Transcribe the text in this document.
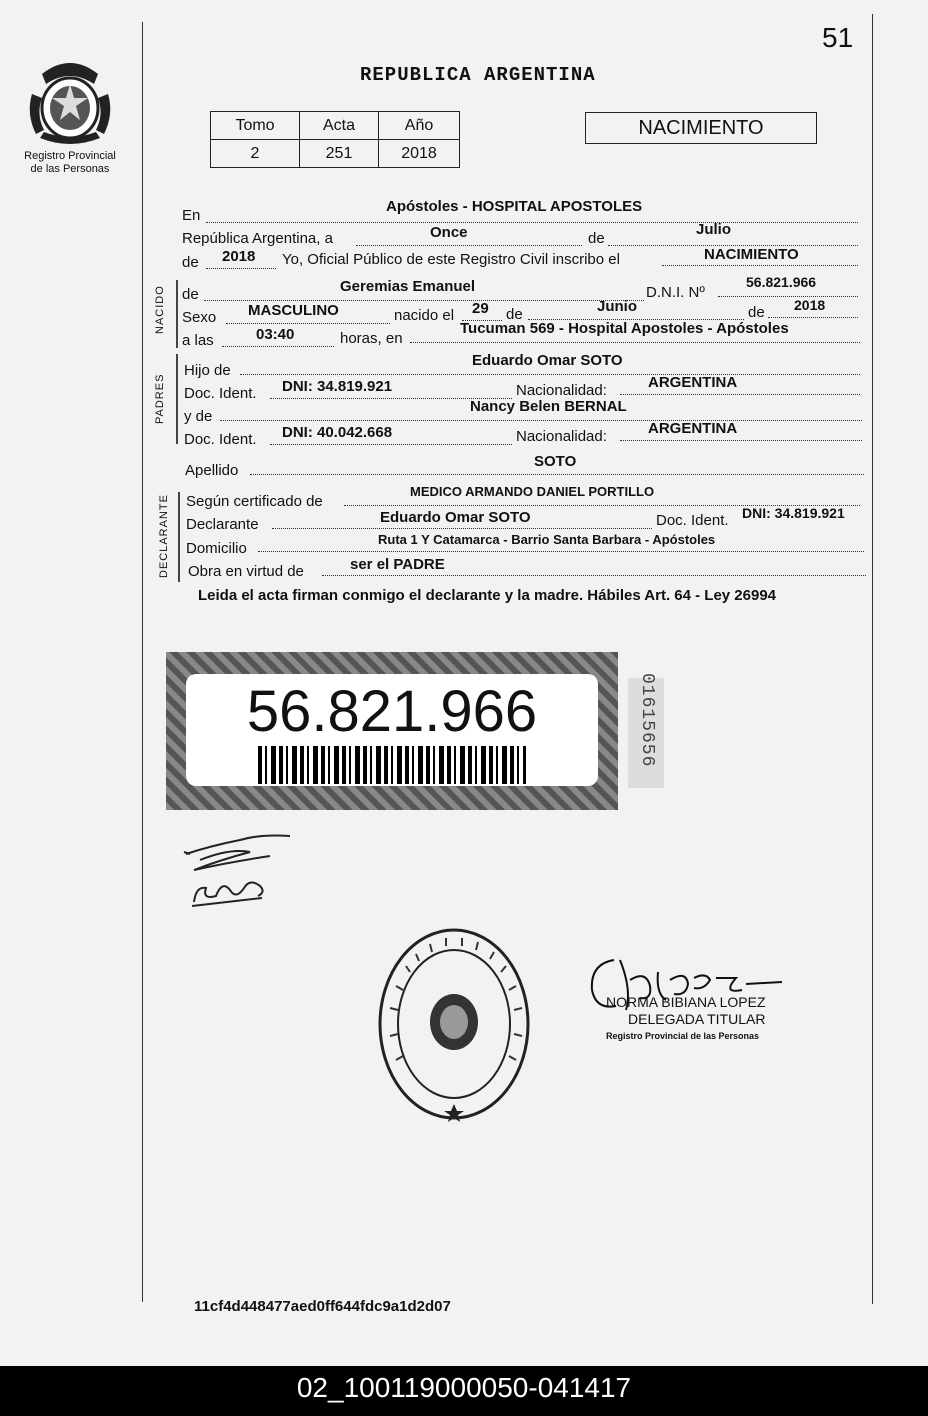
51
Registro Provincial
de las Personas
REPUBLICA ARGENTINA
Tomo	Acta	Año
2	251	2018
NACIMIENTO
En
Apóstoles - HOSPITAL APOSTOLES
República Argentina, a	Once	de
Julio
de 2018 Yo, Oficial Público de este Registro Civil inscribo el	NACIMIENTO
NACIDO de	Geremias Emanuel	D.N.I. Nº
56.821.966
Sexo MASCULINO	nacido el 29 de	Junio	de 2018
a las	03:40	horas, en
Tucuman 569 - Hospital Apostoles - Apóstoles
PADRES
Hijo de
Eduardo Omar SOTO
Doc. Ident. DNI: 34.819.921	Nacionalidad:	ARGENTINA
y de
Nancy Belen BERNAL
Doc. Ident. DNI: 40.042.668	Nacionalidad:	ARGENTINA
Apellido
SOTO
DECLARANTE Según certificado de
MEDICO ARMANDO DANIEL PORTILLO
Declarante	Eduardo Omar SOTO	Doc. Ident. DNI: 34.819.921
Domicilio
Ruta 1 Y Catamarca - Barrio Santa Barbara - Apóstoles
Obra en virtud de	ser el PADRE
Leida el acta firman conmigo el declarante y la madre. Hábiles Art. 64 - Ley 26994
56.821.966	01615656
NORMA BIBIANA LOPEZ
DELEGADA TITULAR
Registro Provincial de las Personas
11cf4d448477aed0ff644fdc9a1d2d07
02_100119000050-041417
